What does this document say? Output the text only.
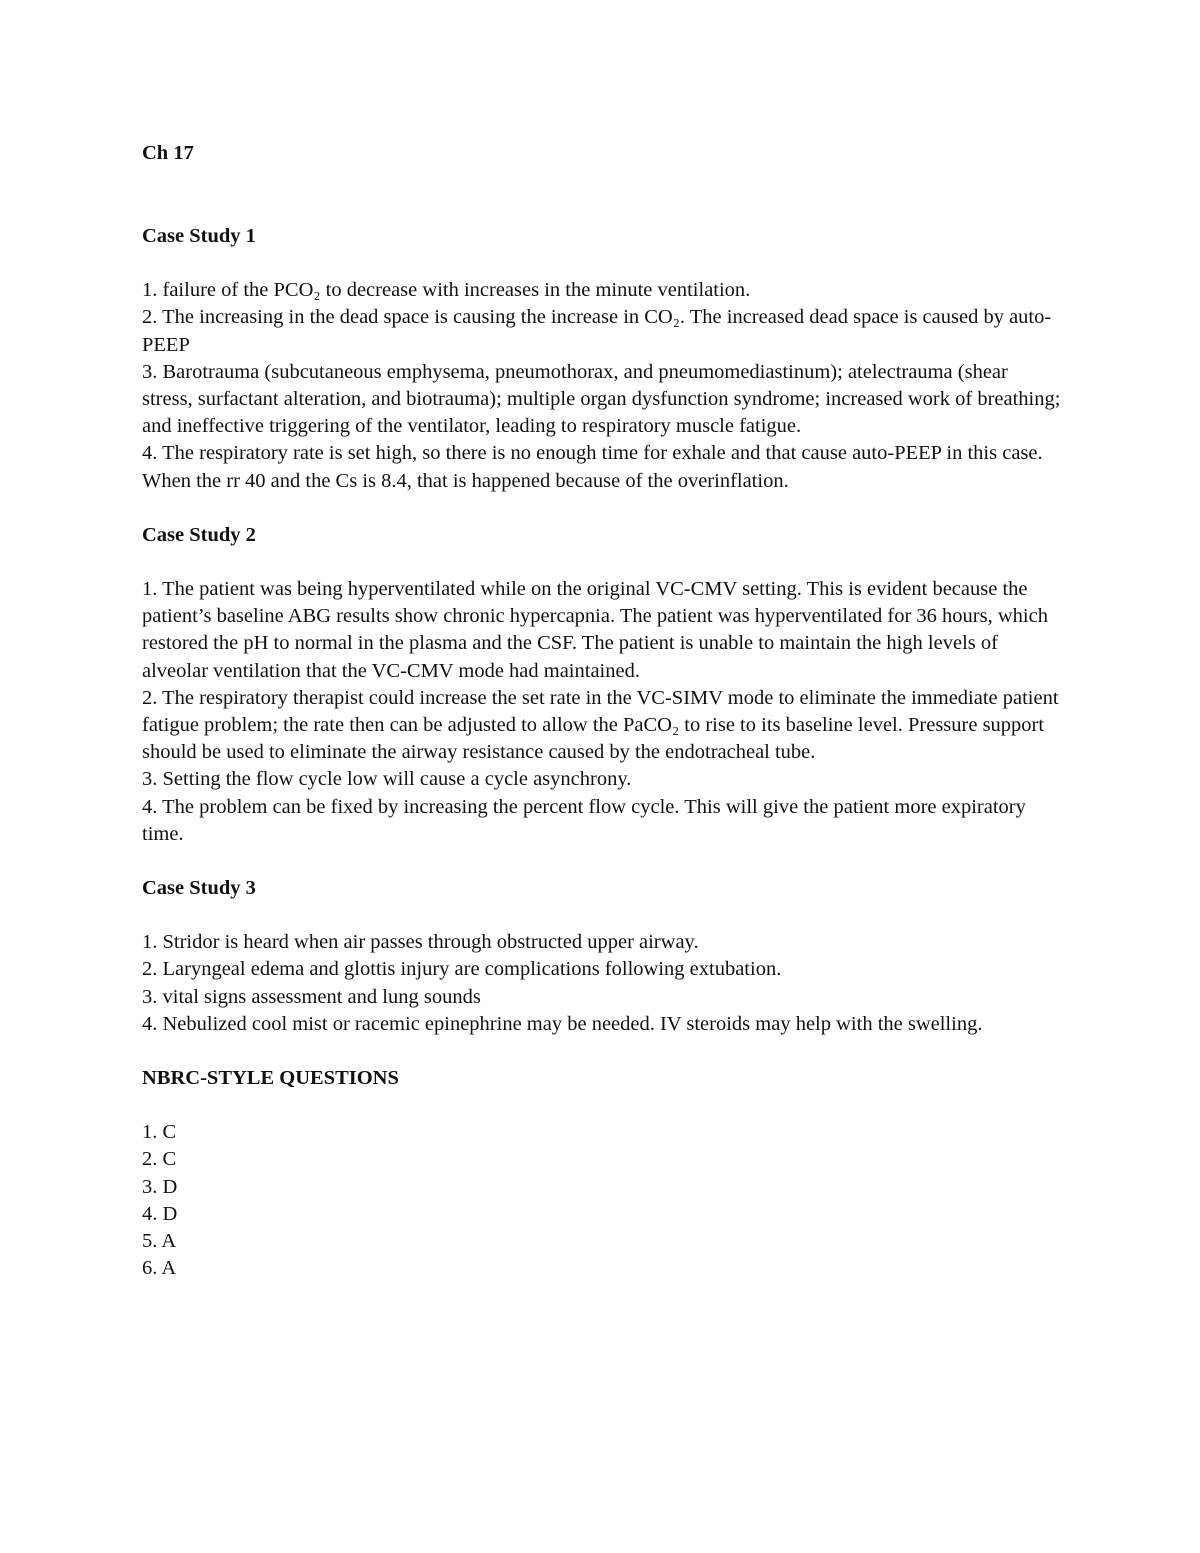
Ch 17

Case Study 1

1. failure of the PCO₂ to decrease with increases in the minute ventilation.
2. The increasing in the dead space is causing the increase in CO₂. The increased dead space is caused by auto-PEEP
3. Barotrauma (subcutaneous emphysema, pneumothorax, and pneumomediastinum); atelectrauma (shear stress, surfactant alteration, and biotrauma); multiple organ dysfunction syndrome; increased work of breathing; and ineffective triggering of the ventilator, leading to respiratory muscle fatigue.
4. The respiratory rate is set high, so there is no enough time for exhale and that cause auto-PEEP in this case. When the rr 40 and the Cs is 8.4, that is happened because of the overinflation.

Case Study 2

1. The patient was being hyperventilated while on the original VC-CMV setting. This is evident because the patient’s baseline ABG results show chronic hypercapnia. The patient was hyperventilated for 36 hours, which restored the pH to normal in the plasma and the CSF. The patient is unable to maintain the high levels of alveolar ventilation that the VC-CMV mode had maintained.
2. The respiratory therapist could increase the set rate in the VC-SIMV mode to eliminate the immediate patient fatigue problem; the rate then can be adjusted to allow the PaCO₂ to rise to its baseline level. Pressure support should be used to eliminate the airway resistance caused by the endotracheal tube.
3. Setting the flow cycle low will cause a cycle asynchrony.
4. The problem can be fixed by increasing the percent flow cycle. This will give the patient more expiratory time.

Case Study 3

1. Stridor is heard when air passes through obstructed upper airway.
2. Laryngeal edema and glottis injury are complications following extubation.
3. vital signs assessment and lung sounds
4. Nebulized cool mist or racemic epinephrine may be needed. IV steroids may help with the swelling.

NBRC-STYLE QUESTIONS

1. C
2. C
3. D
4. D
5. A
6. A
